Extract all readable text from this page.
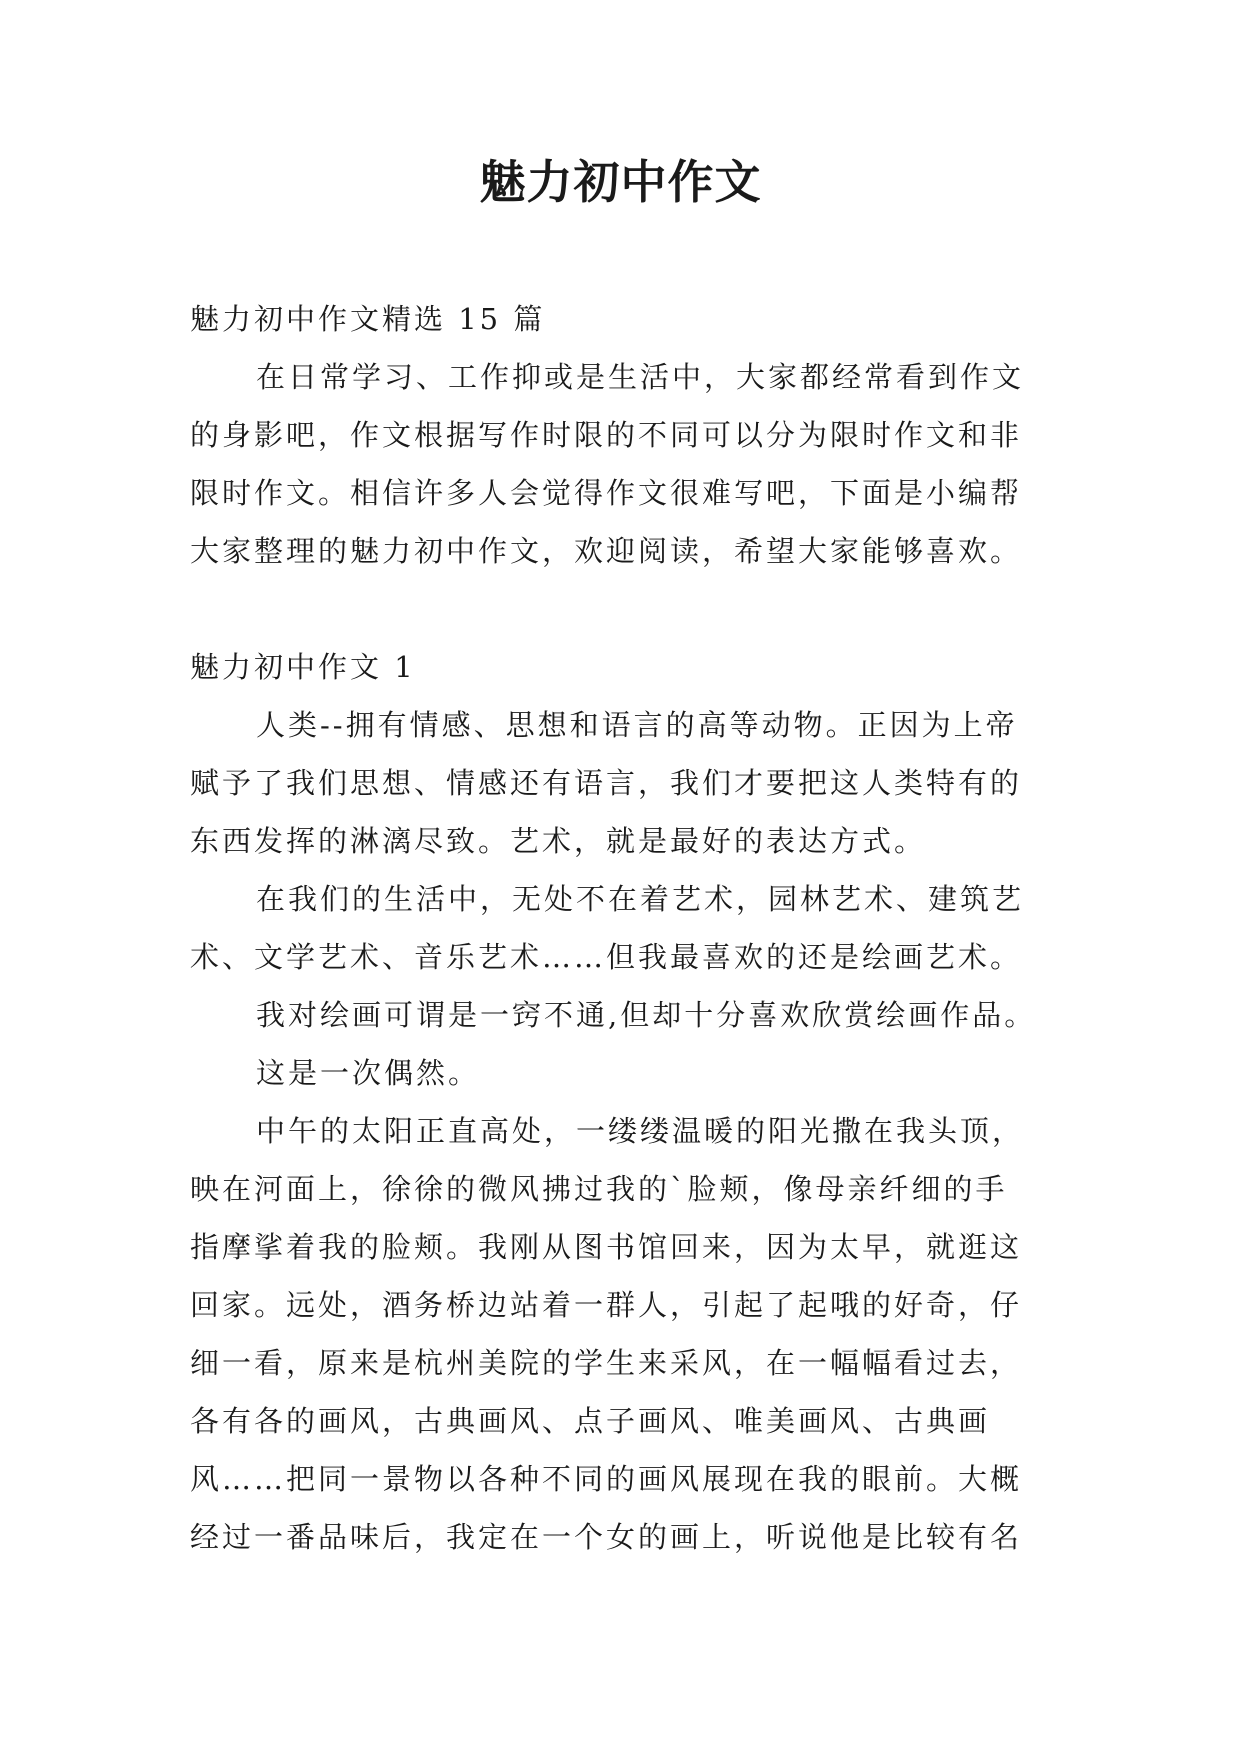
魅力初中作文

魅力初中作文精选 15 篇

在日常学习、工作抑或是生活中，大家都经常看到作文

的身影吧，作文根据写作时限的不同可以分为限时作文和非

限时作文。相信许多人会觉得作文很难写吧，下面是小编帮

大家整理的魅力初中作文，欢迎阅读，希望大家能够喜欢。

魅力初中作文 1

人类--拥有情感、思想和语言的高等动物。正因为上帝

赋予了我们思想、情感还有语言，我们才要把这人类特有的

东西发挥的淋漓尽致。艺术，就是最好的表达方式。

在我们的生活中，无处不在着艺术，园林艺术、建筑艺

术、文学艺术、音乐艺术……但我最喜欢的还是绘画艺术。

我对绘画可谓是一窍不通,但却十分喜欢欣赏绘画作品。

这是一次偶然。

中午的太阳正直高处，一缕缕温暖的阳光撒在我头顶，

映在河面上，徐徐的微风拂过我的`脸颊，像母亲纤细的手

指摩挲着我的脸颊。我刚从图书馆回来，因为太早，就逛这

回家。远处，酒务桥边站着一群人，引起了起哦的好奇，仔

细一看，原来是杭州美院的学生来采风，在一幅幅看过去，

各有各的画风，古典画风、点子画风、唯美画风、古典画

风……把同一景物以各种不同的画风展现在我的眼前。大概

经过一番品味后，我定在一个女的画上，听说他是比较有名
